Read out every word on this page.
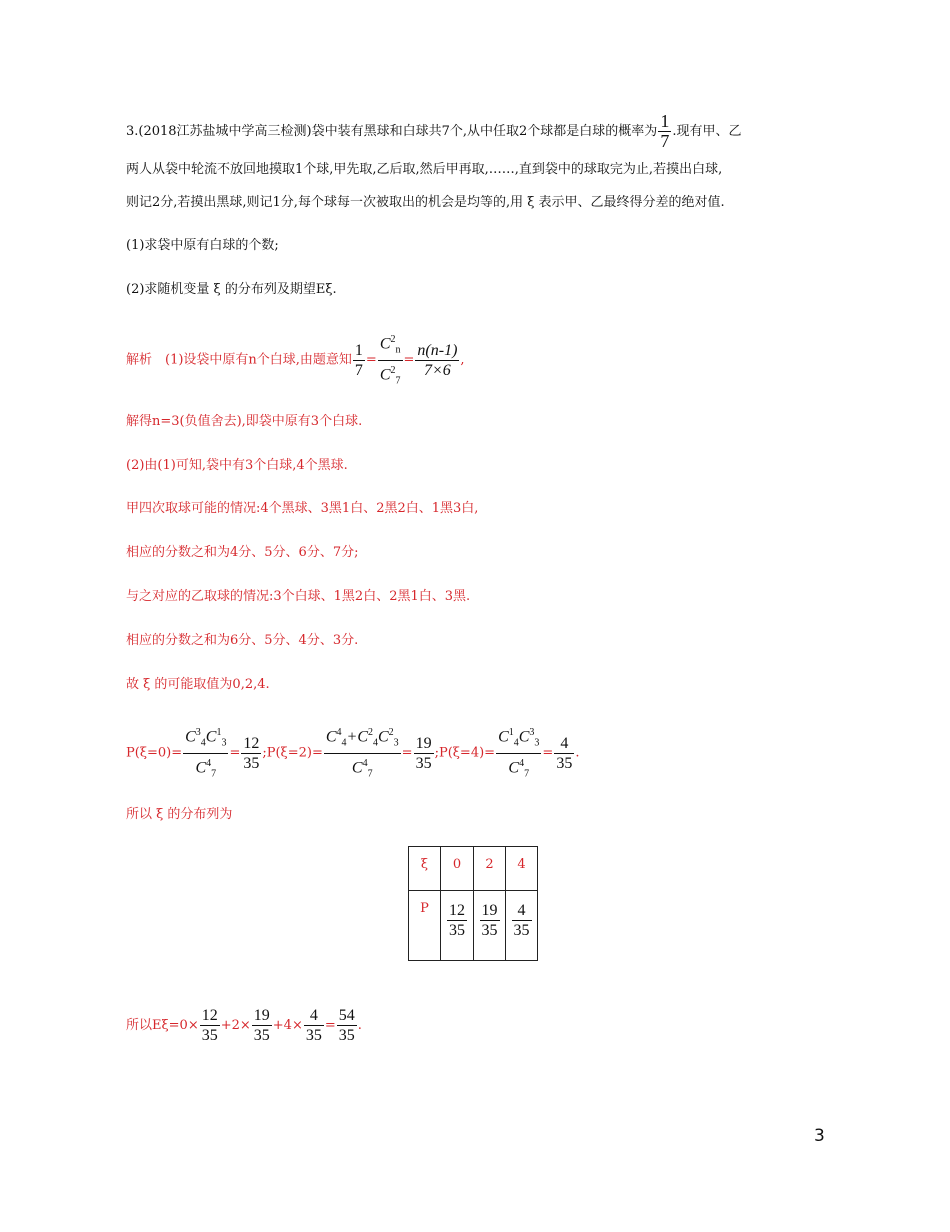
3.(2018江苏盐城中学高三检测)袋中装有黑球和白球共7个,从中任取2个球都是白球的概率为 $\frac{1}{7}$ .现有甲、乙
两人从袋中轮流不放回地摸取1个球,甲先取,乙后取,然后甲再取,……,直到袋中的球取完为止,若摸出白球,
则记2分,若摸出黑球,则记1分,每个球每一次被取出的机会是均等的,用 ξ 表示甲、乙最终得分差的绝对值.
(1)求袋中原有白球的个数;
(2)求随机变量 ξ 的分布列及期望Eξ.
解析　(1)设袋中原有n个白球,由题意知 $\frac{1}{7} = \frac{C^2_n}{C^2_7} = \frac{n(n-1)}{7\times 6}$ ,
解得n=3(负值舍去),即袋中原有3个白球.
(2)由(1)可知,袋中有3个白球,4个黑球.
甲四次取球可能的情况:4个黑球、3黑1白、2黑2白、1黑3白,
相应的分数之和为4分、5分、6分、7分;
与之对应的乙取球的情况:3个白球、1黑2白、2黑1白、3黑.
相应的分数之和为6分、5分、4分、3分.
故 ξ 的可能取值为0,2,4.
$P(\xi=0)= \frac{C^3_4C^1_3}{C^4_7} = \frac{12}{35}$ ;P(ξ=2)= $\frac{C^4_4+C^2_4C^2_3}{C^4_7} = \frac{19}{35}$ ;P(ξ=4)= $\frac{C^1_4C^3_3}{C^4_7} = \frac{4}{35}$ .
所以 ξ 的分布列为
ξ	0	2	4
P	$\frac{12}{35}$	$\frac{19}{35}$	$\frac{4}{35}$
所以$E\xi=0\times \frac{12}{35} +2\times \frac{19}{35} +4\times \frac{4}{35} = \frac{54}{35}$ .
3
